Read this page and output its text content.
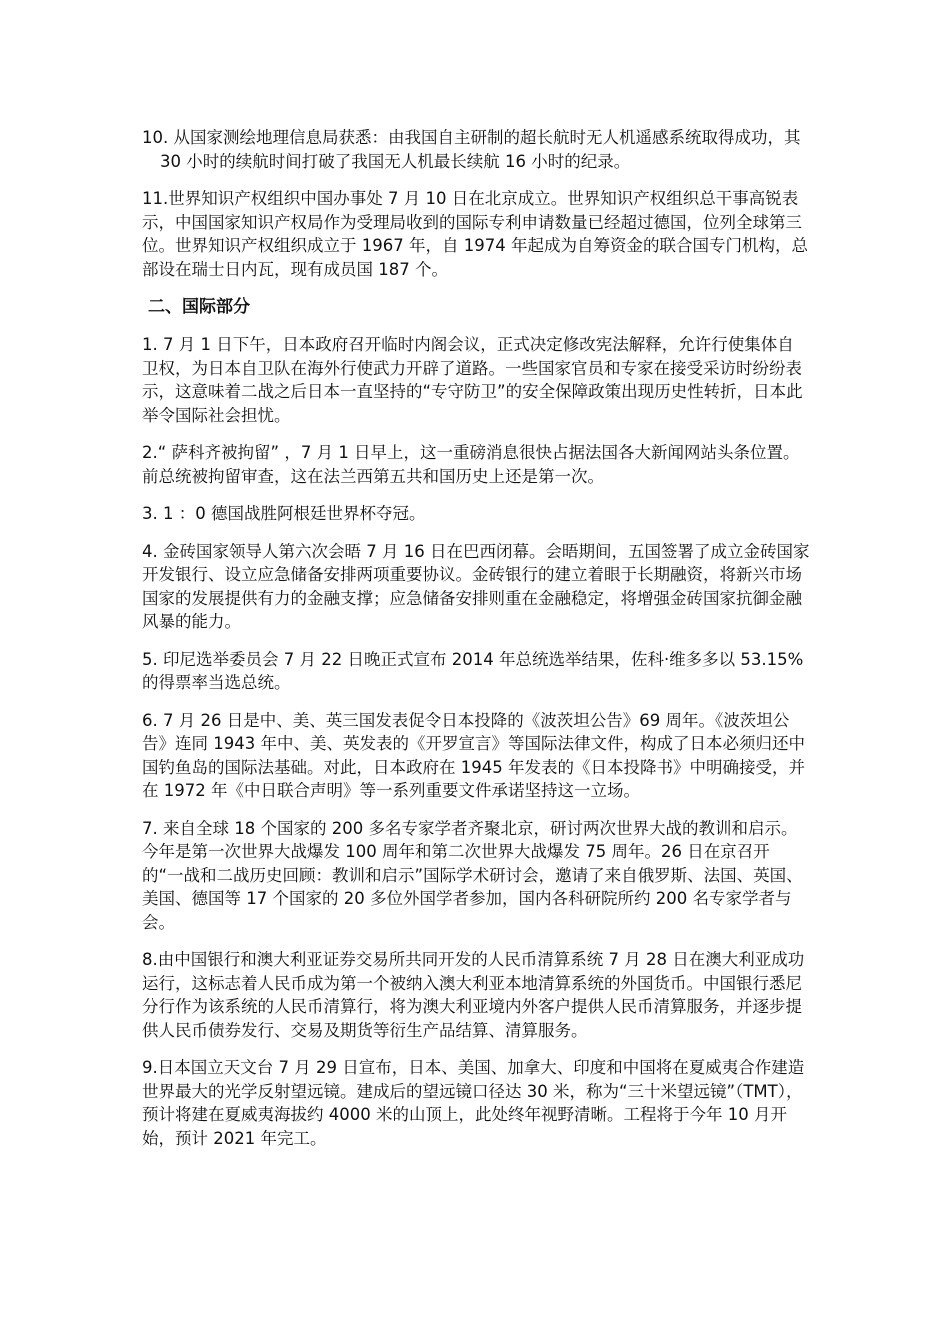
10. 从国家测绘地理信息局获悉：由我国自主研制的超长航时无人机遥感系统取得成功，其 30 小时的续航时间打破了我国无人机最长续航 16 小时的纪录。

11.世界知识产权组织中国办事处 7 月 10 日在北京成立。世界知识产权组织总干事高锐表示，中国国家知识产权局作为受理局收到的国际专利申请数量已经超过德国，位列全球第三位。世界知识产权组织成立于 1967 年，自 1974 年起成为自筹资金的联合国专门机构，总部设在瑞士日内瓦，现有成员国 187 个。

二、国际部分

1. 7 月 1 日下午，日本政府召开临时内阁会议，正式决定修改宪法解释，允许行使集体自卫权，为日本自卫队在海外行使武力开辟了道路。一些国家官员和专家在接受采访时纷纷表示，这意味着二战之后日本一直坚持的“专守防卫”的安全保障政策出现历史性转折，日本此举令国际社会担忧。

2.“ 萨科齐被拘留” ，7 月 1 日早上，这一重磅消息很快占据法国各大新闻网站头条位置。前总统被拘留审查，这在法兰西第五共和国历史上还是第一次。

3. 1 ：0 德国战胜阿根廷世界杯夺冠。

4. 金砖国家领导人第六次会晤 7 月 16 日在巴西闭幕。会晤期间，五国签署了成立金砖国家开发银行、设立应急储备安排两项重要协议。金砖银行的建立着眼于长期融资，将新兴市场国家的发展提供有力的金融支撑；应急储备安排则重在金融稳定，将增强金砖国家抗御金融风暴的能力。

5. 印尼选举委员会 7 月 22 日晚正式宣布 2014 年总统选举结果，佐科·维多多以 53.15%的得票率当选总统。

6. 7 月 26 日是中、美、英三国发表促令日本投降的《波茨坦公告》69 周年。《波茨坦公告》连同 1943 年中、美、英发表的《开罗宣言》等国际法律文件，构成了日本必须归还中国钓鱼岛的国际法基础。对此，日本政府在 1945 年发表的《日本投降书》中明确接受，并在 1972 年《中日联合声明》等一系列重要文件承诺坚持这一立场。

7. 来自全球 18 个国家的 200 多名专家学者齐聚北京，研讨两次世界大战的教训和启示。今年是第一次世界大战爆发 100 周年和第二次世界大战爆发 75 周年。26 日在京召开的“一战和二战历史回顾：教训和启示”国际学术研讨会，邀请了来自俄罗斯、法国、英国、美国、德国等 17 个国家的 20 多位外国学者参加，国内各科研院所约 200 名专家学者与会。

8.由中国银行和澳大利亚证券交易所共同开发的人民币清算系统 7 月 28 日在澳大利亚成功运行，这标志着人民币成为第一个被纳入澳大利亚本地清算系统的外国货币。中国银行悉尼分行作为该系统的人民币清算行，将为澳大利亚境内外客户提供人民币清算服务，并逐步提供人民币债券发行、交易及期货等衍生产品结算、清算服务。

9.日本国立天文台 7 月 29 日宣布，日本、美国、加拿大、印度和中国将在夏威夷合作建造世界最大的光学反射望远镜。建成后的望远镜口径达 30 米，称为“三十米望远镜”（TMT），预计将建在夏威夷海拔约 4000 米的山顶上，此处终年视野清晰。工程将于今年 10 月开始，预计 2021 年完工。
